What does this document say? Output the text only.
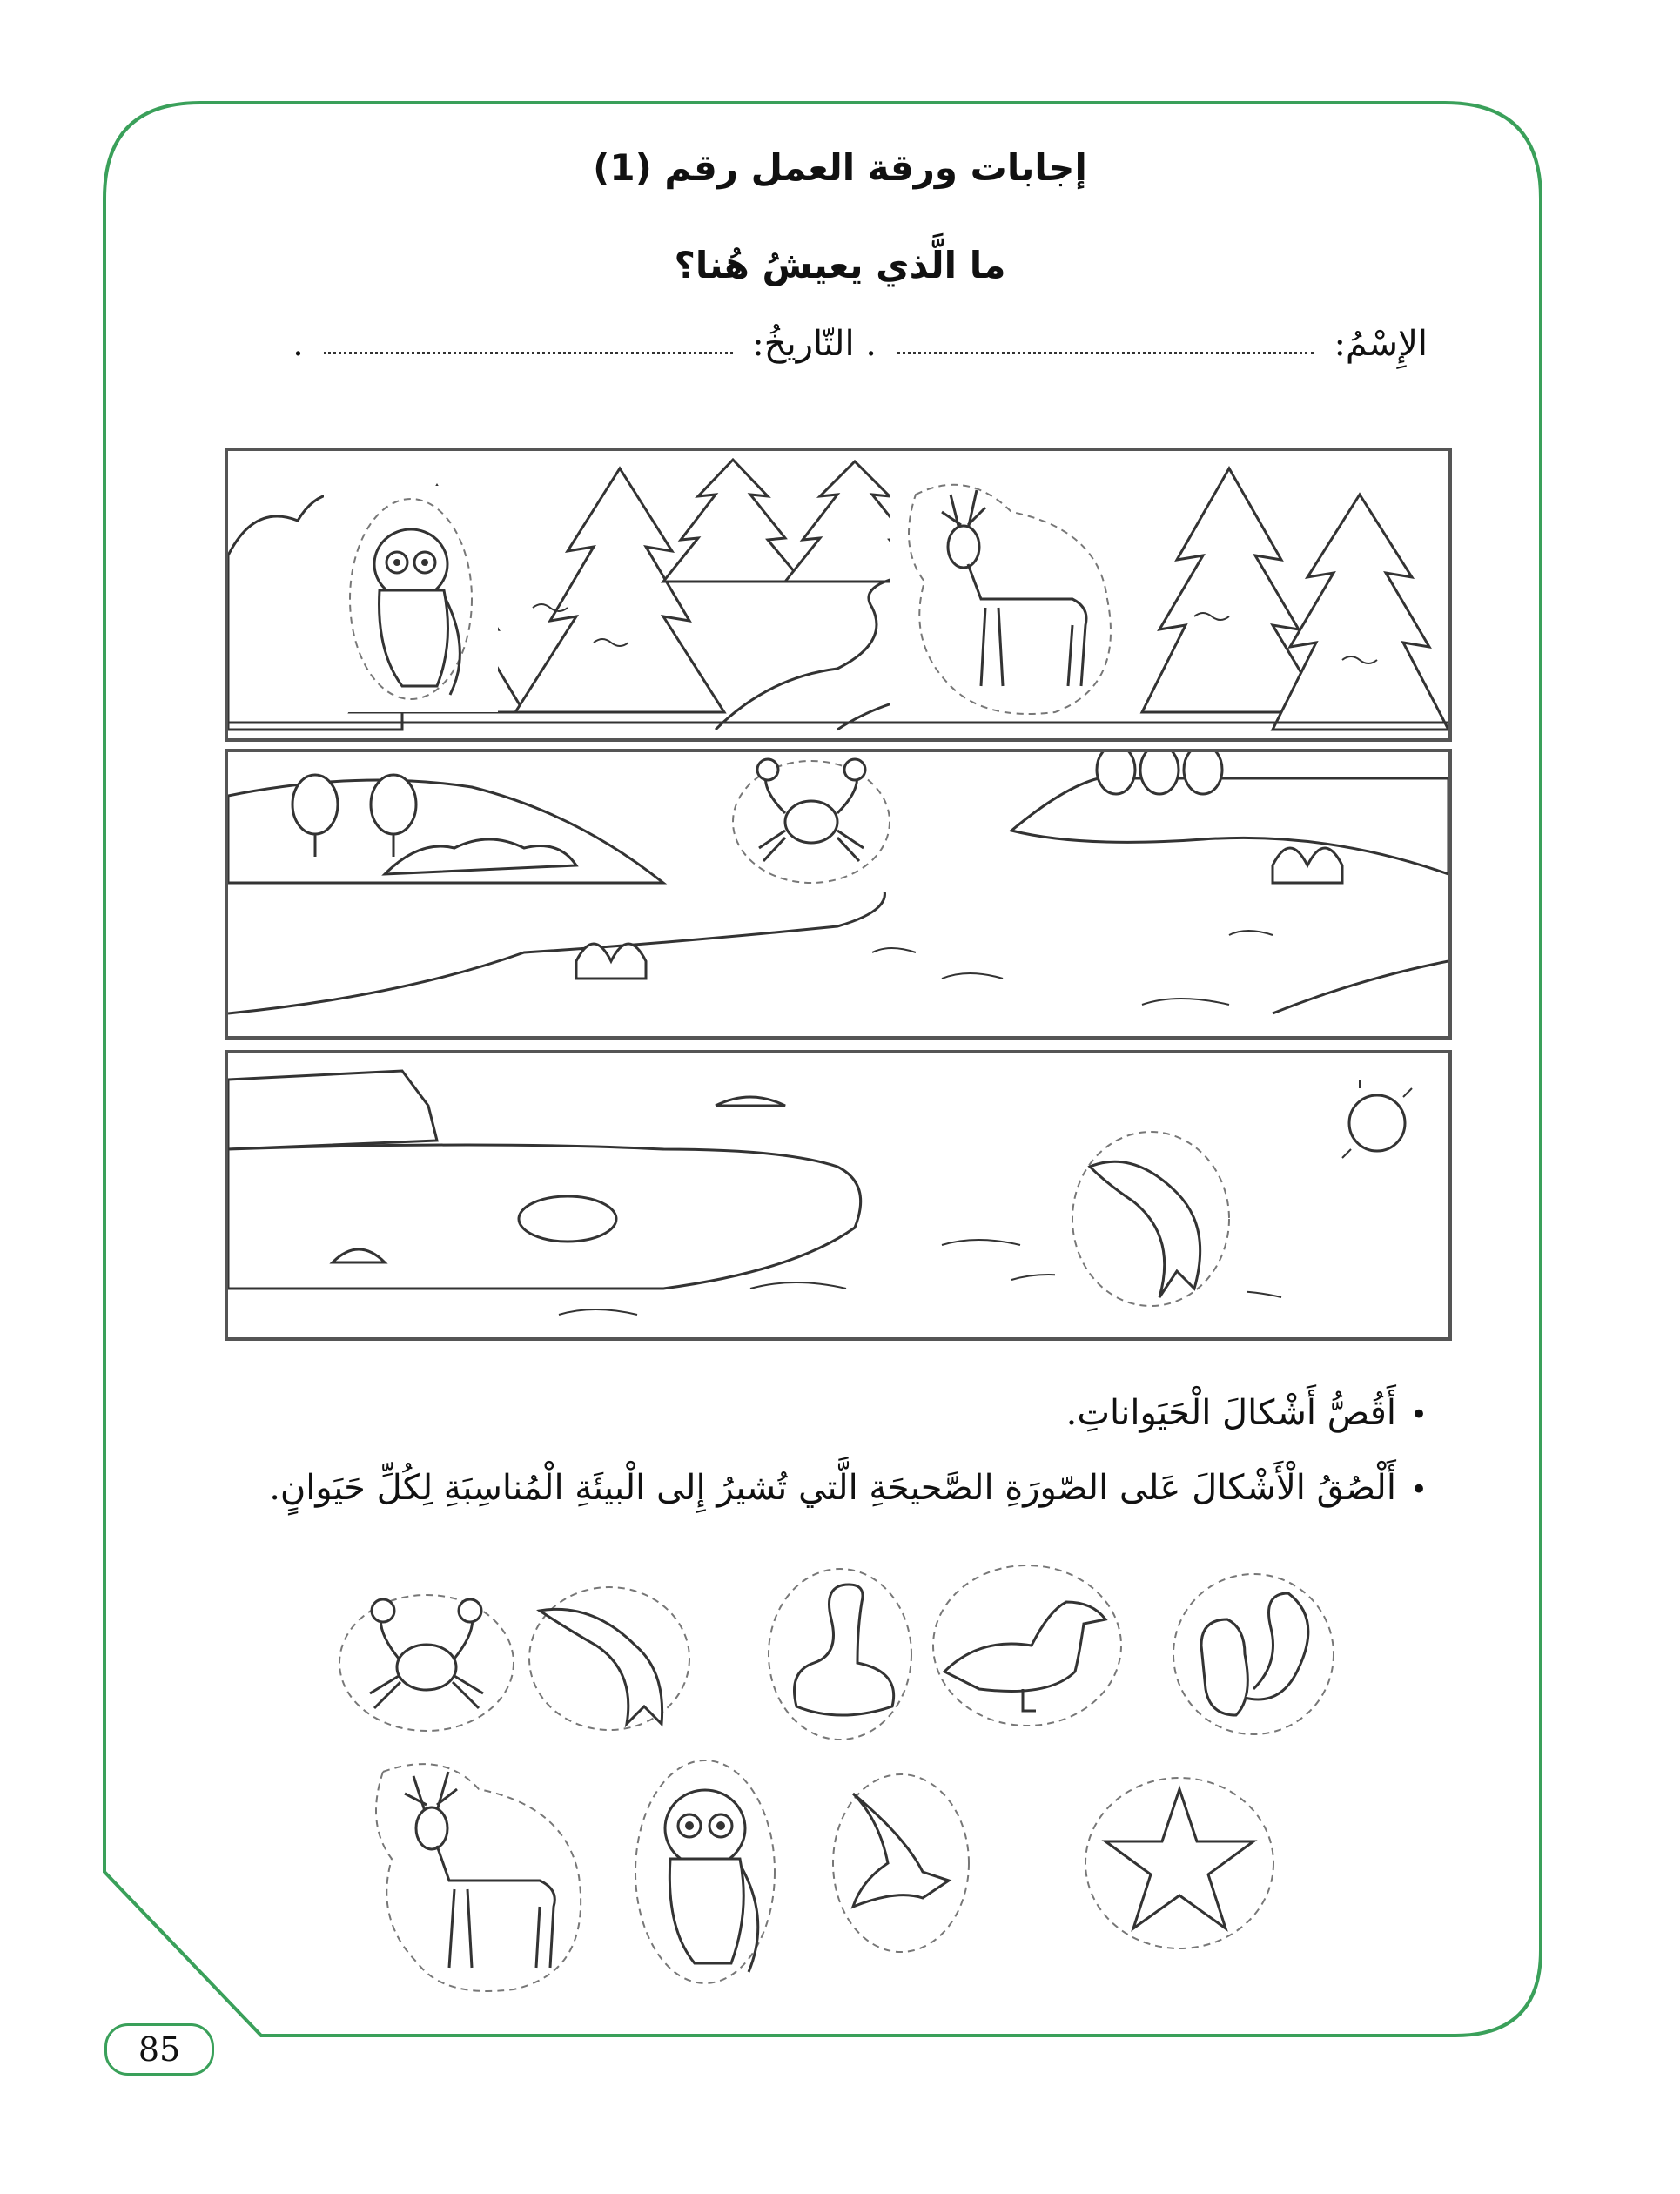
إجابات ورقة العمل رقم (1)
ما الَّذي يعيشُ هُنا؟
الإِسْمُ:  . التّاريخُ:  .
•أَقُصُّ أَشْكالَ الْحَيَواناتِ.
•أَلْصُقُ الْأَشْكالَ عَلى الصّورَةِ الصَّحيحَةِ الَّتي تُشيرُ إِلى الْبيئَةِ الْمُناسِبَةِ لِكُلِّ حَيَوانٍ.
85
